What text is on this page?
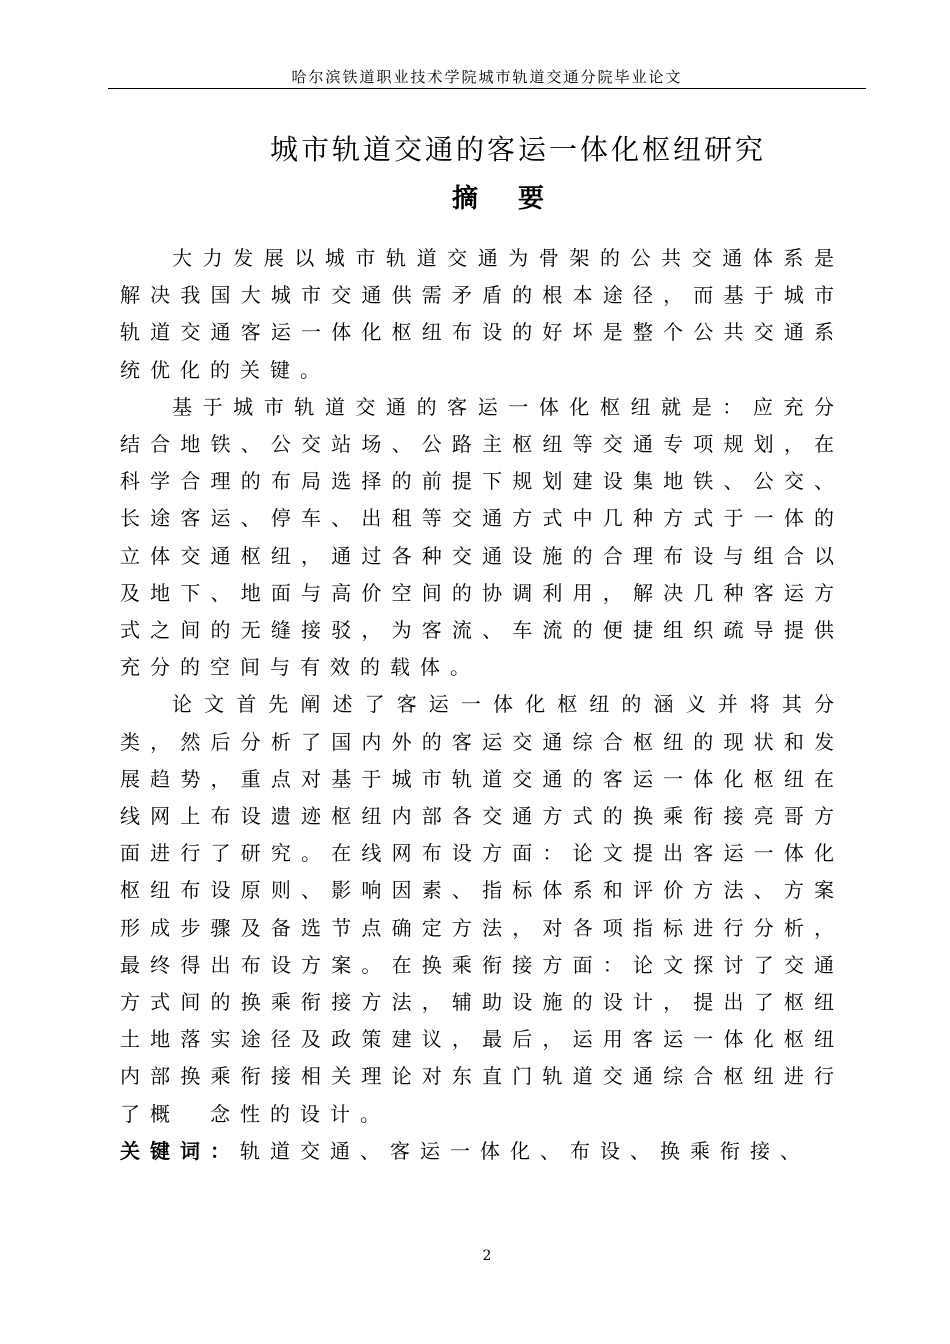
哈尔滨铁道职业技术学院城市轨道交通分院毕业论文
城市轨道交通的客运一体化枢纽研究
摘要

大力发展以城市轨道交通为骨架的公共交通体系是解决我国大城市交通供需矛盾的根本途径，而基于城市轨道交通客运一体化枢纽布设的好坏是整个公共交通系统优化的关键。

基于城市轨道交通的客运一体化枢纽就是：应充分结合地铁、公交站场、公路主枢纽等交通专项规划，在科学合理的布局选择的前提下规划建设集地铁、公交、长途客运、停车、出租等交通方式中几种方式于一体的立体交通枢纽，通过各种交通设施的合理布设与组合以及地下、地面与高价空间的协调利用，解决几种客运方式之间的无缝接驳，为客流、车流的便捷组织疏导提供充分的空间与有效的载体。

论文首先阐述了客运一体化枢纽的涵义并将其分类，然后分析了国内外的客运交通综合枢纽的现状和发展趋势，重点对基于城市轨道交通的客运一体化枢纽在线网上布设遗迹枢纽内部各交通方式的换乘衔接亮哥方面进行了研究。在线网布设方面：论文提出客运一体化枢纽布设原则、影响因素、指标体系和评价方法、方案形成步骤及备选节点确定方法，对各项指标进行分析，最终得出布设方案。在换乘衔接方面：论文探讨了交通方式间的换乘衔接方法，辅助设施的设计，提出了枢纽土地落实途径及政策建议，最后，运用客运一体化枢纽内部换乘衔接相关理论对东直门轨道交通综合枢纽进行了概　念性的设计。

关键词：轨道交通、客运一体化、布设、换乘衔接、

2
